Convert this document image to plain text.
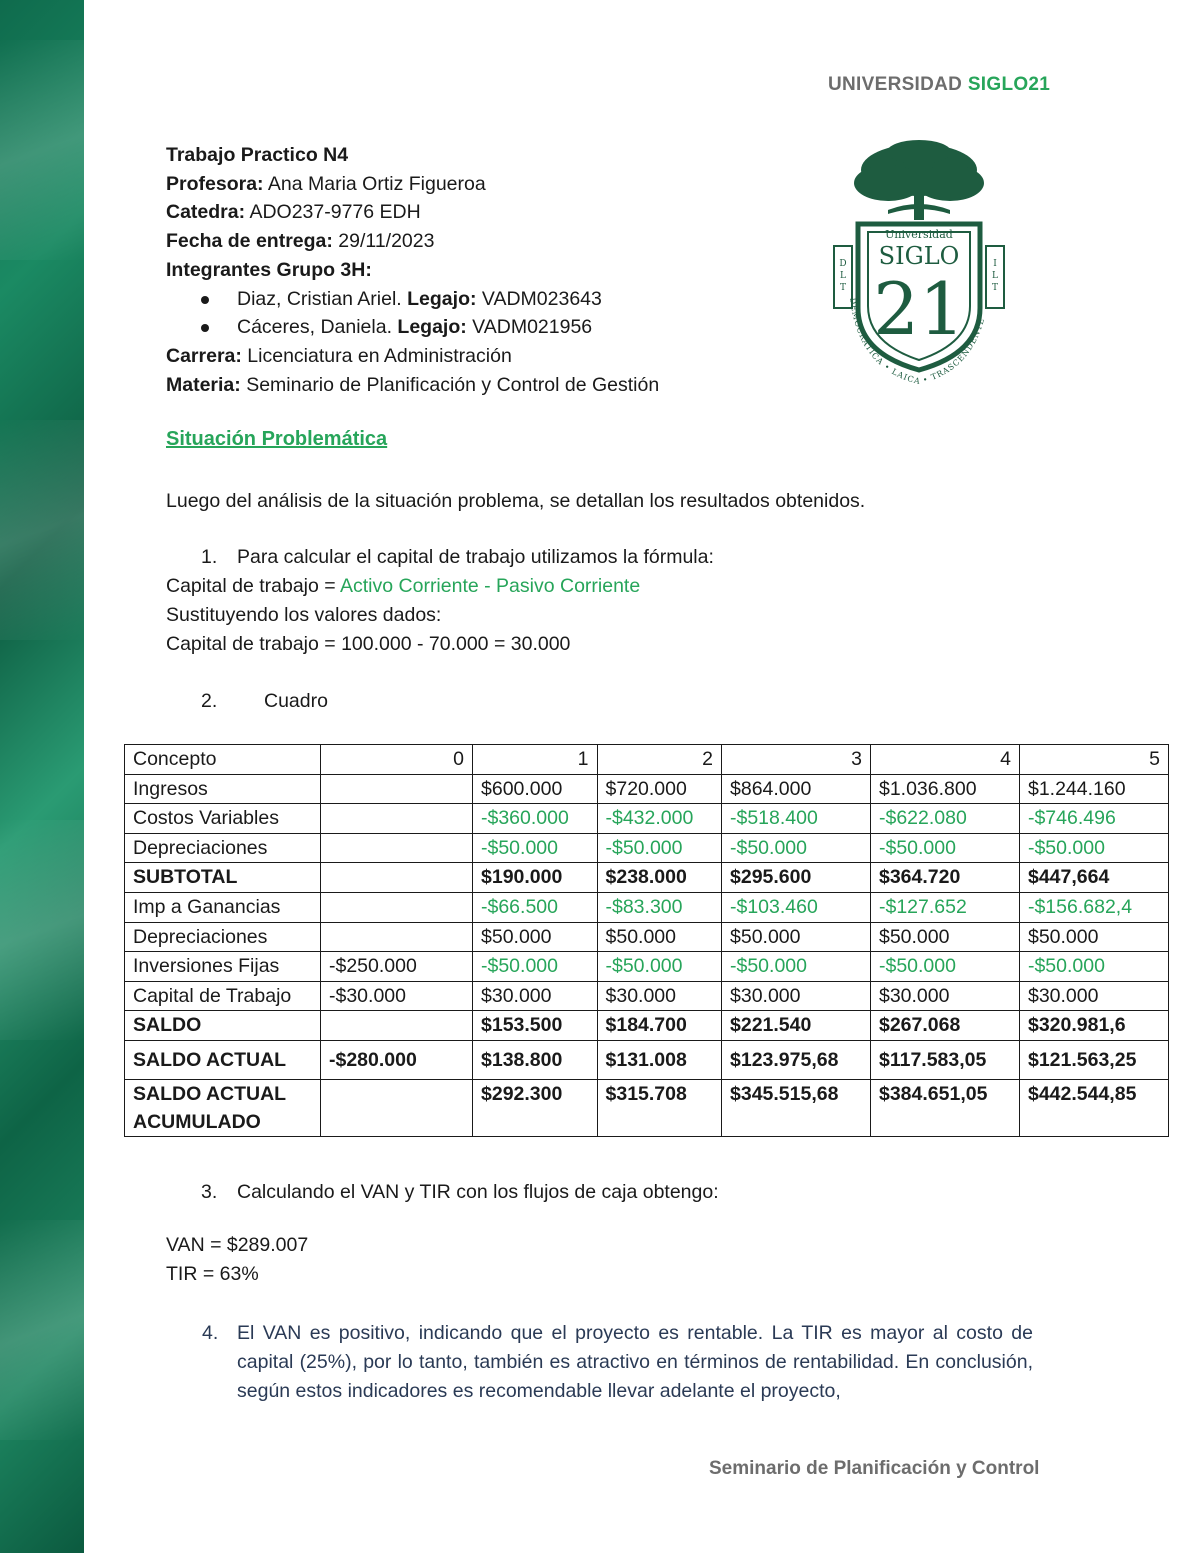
UNIVERSIDAD SIGLO21
Trabajo Practico N4
Profesora: Ana Maria Ortiz Figueroa
Catedra: ADO237-9776 EDH
Fecha de entrega: 29/11/2023
Integrantes Grupo 3H:
Diaz, Cristian Ariel. Legajo: VADM023643
Cáceres, Daniela. Legajo: VADM021956
Carrera: Licenciatura en Administración
Materia: Seminario de Planificación y Control de Gestión
D L T
I L T
Universidad
SIGLO
21
DEMOCRÁTICA • LAICA • TRASCENDENTE
Situación Problemática
Luego del análisis de la situación problema, se detallan los resultados obtenidos.
1. Para calcular el capital de trabajo utilizamos la fórmula:
Capital de trabajo = Activo Corriente - Pasivo Corriente
Sustituyendo los valores dados:
Capital de trabajo = 100.000 - 70.000 = 30.000
2. Cuadro
Concepto	0	1	2	3	4	5
Ingresos		$600.000	$720.000	$864.000	$1.036.800	$1.244.160
Costos Variables		-$360.000	-$432.000	-$518.400	-$622.080	-$746.496
Depreciaciones		-$50.000	-$50.000	-$50.000	-$50.000	-$50.000
SUBTOTAL		$190.000	$238.000	$295.600	$364.720	$447,664
Imp a Ganancias		-$66.500	-$83.300	-$103.460	-$127.652	-$156.682,4
Depreciaciones		$50.000	$50.000	$50.000	$50.000	$50.000
Inversiones Fijas	-$250.000	-$50.000	-$50.000	-$50.000	-$50.000	-$50.000
Capital de Trabajo	-$30.000	$30.000	$30.000	$30.000	$30.000	$30.000
SALDO		$153.500	$184.700	$221.540	$267.068	$320.981,6
SALDO ACTUAL	-$280.000	$138.800	$131.008	$123.975,68	$117.583,05	$121.563,25
SALDO ACTUAL ACUMULADO		$292.300	$315.708	$345.515,68	$384.651,05	$442.544,85
3. Calculando el VAN y TIR con los flujos de caja obtengo:
VAN = $289.007
TIR = 63%
4. El VAN es positivo, indicando que el proyecto es rentable. La TIR es mayor al costo de capital (25%), por lo tanto, también es atractivo en términos de rentabilidad. En conclusión, según estos indicadores es recomendable llevar adelante el proyecto,
Seminario de Planificación y Control
